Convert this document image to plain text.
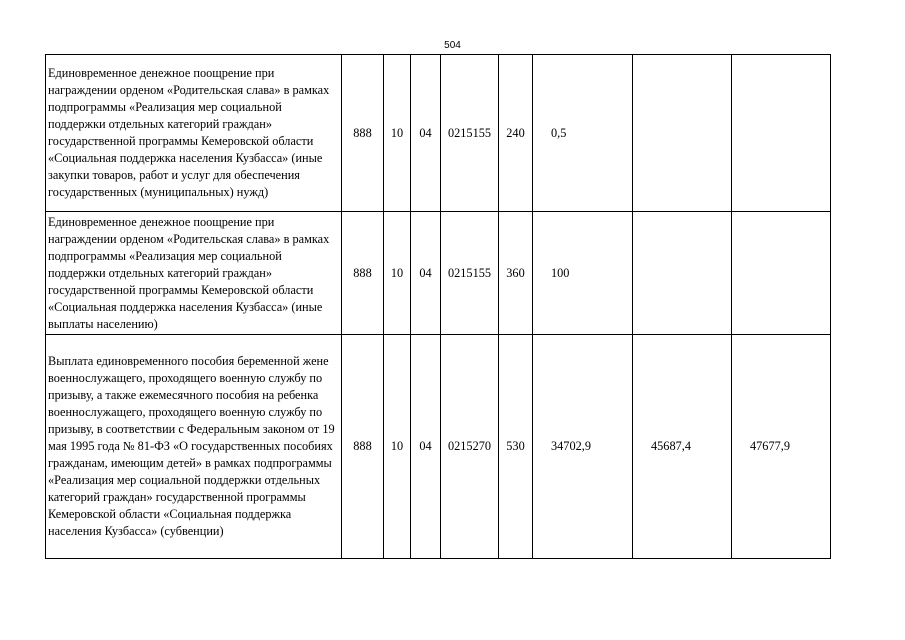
504
Единовременное денежное поощрение при награждении орденом «Родительская слава» в рамках подпрограммы «Реализация мер социальной поддержки отдельных категорий граждан» государственной программы Кемеровской области «Социальная поддержка населения Кузбасса» (иные закупки товаров, работ и услуг для обеспечения государственных (муниципальных) нужд)	888	10	04	0215155	240	0,5		
Единовременное денежное поощрение при награждении орденом «Родительская слава» в рамках подпрограммы «Реализация мер социальной поддержки отдельных категорий граждан» государственной программы Кемеровской области «Социальная поддержка населения Кузбасса» (иные выплаты населению)	888	10	04	0215155	360	100		
Выплата единовременного пособия беременной жене военнослужащего, проходящего военную службу по призыву, а также ежемесячного пособия на ребенка военнослужащего, проходящего военную службу по призыву, в соответствии с Федеральным законом от 19 мая 1995 года № 81-ФЗ «О государственных пособиях гражданам, имеющим детей» в рамках подпрограммы «Реализация мер социальной поддержки отдельных категорий граждан» государственной программы Кемеровской области «Социальная поддержка населения Кузбасса» (субвенции)	888	10	04	0215270	530	34702,9	45687,4	47677,9
